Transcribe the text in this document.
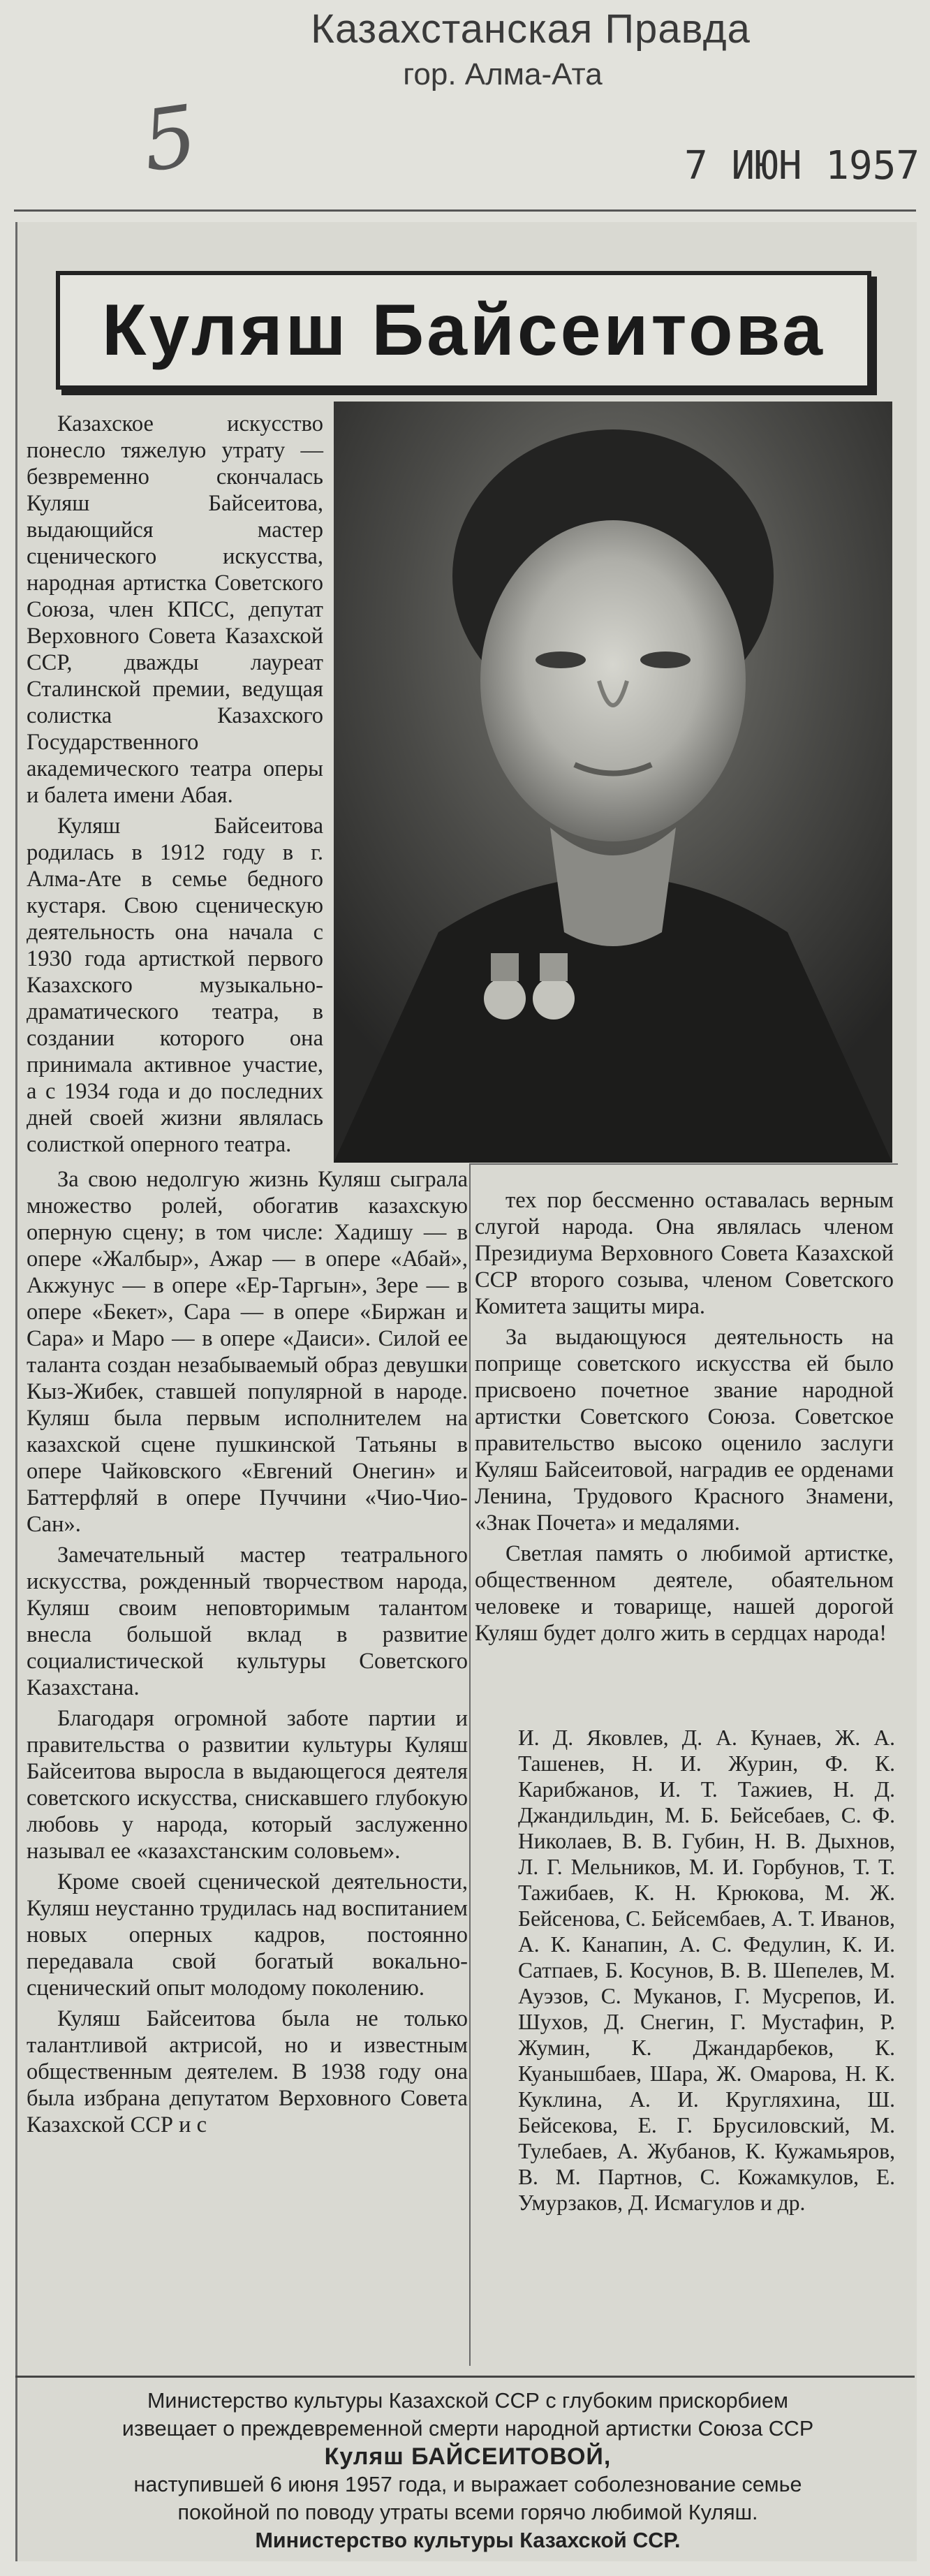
Казахстанская Правда
гор. Алма-Ата
5	7 ИЮН 1957
Куляш Байсеитова

Казахское искусство понесло тяжелую утрату — безвременно скончалась Куляш Байсеитова, выдающийся мастер сценического искусства, народная артистка Советского Союза, член КПСС, депутат Верховного Совета Казахской ССР, дважды лауреат Сталинской премии, ведущая солистка Казахского Государственного академического театра оперы и балета имени Абая.

Куляш Байсеитова родилась в 1912 году в г. Алма-Ате в семье бедного кустаря. Свою сценическую деятельность она начала с 1930 года артисткой первого Казахского музыкально-драматического театра, в создании которого она принимала активное участие, а с 1934 года и до последних дней своей жизни являлась солисткой оперного театра.

За свою недолгую жизнь Куляш сыграла множество ролей, обогатив казахскую оперную сцену; в том числе: Хадишу — в опере «Жалбыр», Ажар — в опере «Абай», Акжунус — в опере «Ер-Таргын», Зере — в опере «Бекет», Сара — в опере «Биржан и Сара» и Маро — в опере «Даиси». Силой ее таланта создан незабываемый образ девушки Кыз-Жибек, ставшей популярной в народе. Куляш была первым исполнителем на казахской сцене пушкинской Татьяны в опере Чайковского «Евгений Онегин» и Баттерфляй в опере Пуччини «Чио-Чио-Сан».

Замечательный мастер театрального искусства, рожденный творчеством народа, Куляш своим неповторимым талантом внесла большой вклад в развитие социалистической культуры Советского Казахстана.

Благодаря огромной заботе партии и правительства о развитии культуры Куляш Байсеитова выросла в выдающегося деятеля советского искусства, снискавшего глубокую любовь у народа, который заслуженно называл ее «казахстанским соловьем».

Кроме своей сценической деятельности, Куляш неустанно трудилась над воспитанием новых оперных кадров, постоянно передавала свой богатый вокально-сценический опыт молодому поколению.

Куляш Байсеитова была не только талантливой актрисой, но и известным общественным деятелем. В 1938 году она была избрана депутатом Верховного Совета Казахской ССР и с

тех пор бессменно оставалась верным слугой народа. Она являлась членом Президиума Верховного Совета Казахской ССР второго созыва, членом Советского Комитета защиты мира.

За выдающуюся деятельность на поприще советского искусства ей было присвоено почетное звание народной артистки Советского Союза. Советское правительство высоко оценило заслуги Куляш Байсеитовой, наградив ее орденами Ленина, Трудового Красного Знамени, «Знак Почета» и медалями.

Светлая память о любимой артистке, общественном деятеле, обаятельном человеке и товарище, нашей дорогой Куляш будет долго жить в сердцах народа!

И. Д. Яковлев, Д. А. Кунаев, Ж. А. Ташенев, Н. И. Журин, Ф. К. Карибжанов, И. Т. Тажиев, Н. Д. Джандильдин, М. Б. Бейсебаев, С. Ф. Николаев, В. В. Губин, Н. В. Дыхнов, Л. Г. Мельников, М. И. Горбунов, Т. Т. Тажибаев, К. Н. Крюкова, М. Ж. Бейсенова, С. Бейсембаев, А. Т. Иванов, А. К. Канапин, А. С. Федулин, К. И. Сатпаев, Б. Косунов, В. В. Шепелев, М. Ауэзов, С. Муканов, Г. Мусрепов, И. Шухов, Д. Снегин, Г. Мустафин, Р. Жумин, К. Джандарбеков, К. Куанышбаев, Шара, Ж. Омарова, Н. К. Куклина, А. И. Кругляхина, Ш. Бейсекова, Е. Г. Брусиловский, М. Тулебаев, А. Жубанов, К. Кужамьяров, В. М. Партнов, С. Кожамкулов, Е. Умурзаков, Д. Исмагулов и др.
Министерство культуры Казахской ССР с глубоким прискорбием
извещает о преждевременной смерти народной артистки Союза ССР
Куляш БАЙСЕИТОВОЙ,
наступившей 6 июня 1957 года, и выражает соболезнование семье
покойной по поводу утраты всеми горячо любимой Куляш.
Министерство культуры Казахской ССР.
